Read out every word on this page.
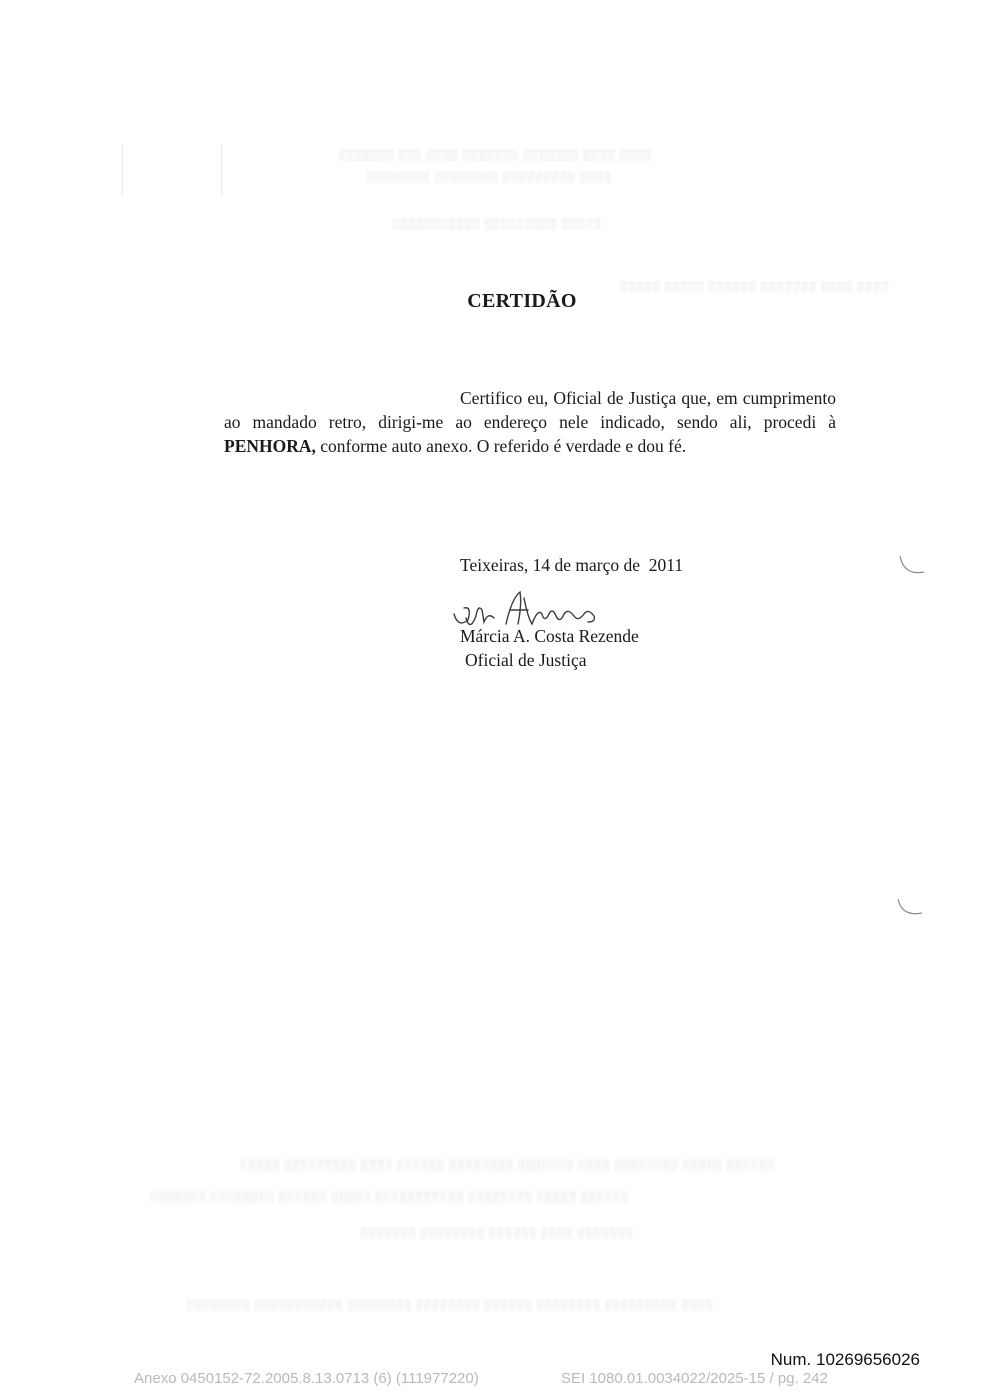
▒▒▒▒▒▒▒ ▒▒▒ ▒▒▒▒ ▒▒▒▒▒▒▒ ▒▒▒▒▒▒▒ ▒▒▒▒ ▒▒▒▒
▒▒▒▒▒▒▒▒ ▒▒▒▒▒▒▒▒ ▒▒▒▒▒▒▒▒▒ ▒▒▒▒
▒▒▒▒▒▒▒▒▒▒▒ ▒▒▒▒▒▒▒▒▒ ▒▒▒▒▒
▒▒▒▒▒ ▒▒▒▒▒ ▒▒▒▒▒▒ ▒▒▒▒▒▒▒ ▒▒▒▒ ▒▒▒▒
▒▒▒▒▒ ▒▒▒▒▒▒▒▒▒ ▒▒▒▒ ▒▒▒▒▒▒ ▒▒▒▒▒▒▒▒ ▒▒▒▒▒▒▒ ▒▒▒▒ ▒▒▒▒▒▒▒▒ ▒▒▒▒▒ ▒▒▒▒▒▒
▒▒▒▒▒▒▒ ▒▒▒▒▒▒▒▒ ▒▒▒▒▒▒ ▒▒▒▒▒ ▒▒▒▒▒▒▒▒▒▒▒ ▒▒▒▒▒▒▒▒ ▒▒▒▒▒ ▒▒▒▒▒▒
▒▒▒▒▒▒▒ ▒▒▒▒▒▒▒▒ ▒▒▒▒▒▒ ▒▒▒▒ ▒▒▒▒▒▒▒
▒▒▒▒▒▒▒▒ ▒▒▒▒▒▒▒▒▒▒▒ ▒▒▒▒▒▒▒▒ ▒▒▒▒▒▒▒▒ ▒▒▒▒▒▒ ▒▒▒▒▒▒▒▒ ▒▒▒▒▒▒▒▒▒ ▒▒▒▒
CERTIDÃO

Certifico eu, Oficial de Justiça que, em cumprimento ao mandado retro, dirigi-me ao endereço nele indicado, sendo ali, procedi à PENHORA, conforme auto anexo. O referido é verdade e dou fé.

Teixeiras, 14 de março de  2011
Márcia A. Costa Rezende
Oficial de Justiça
Num. 10269656026
Anexo 0450152-72.2005.8.13.0713 (6) (111977220)	SEI 1080.01.0034022/2025-15 / pg. 242
